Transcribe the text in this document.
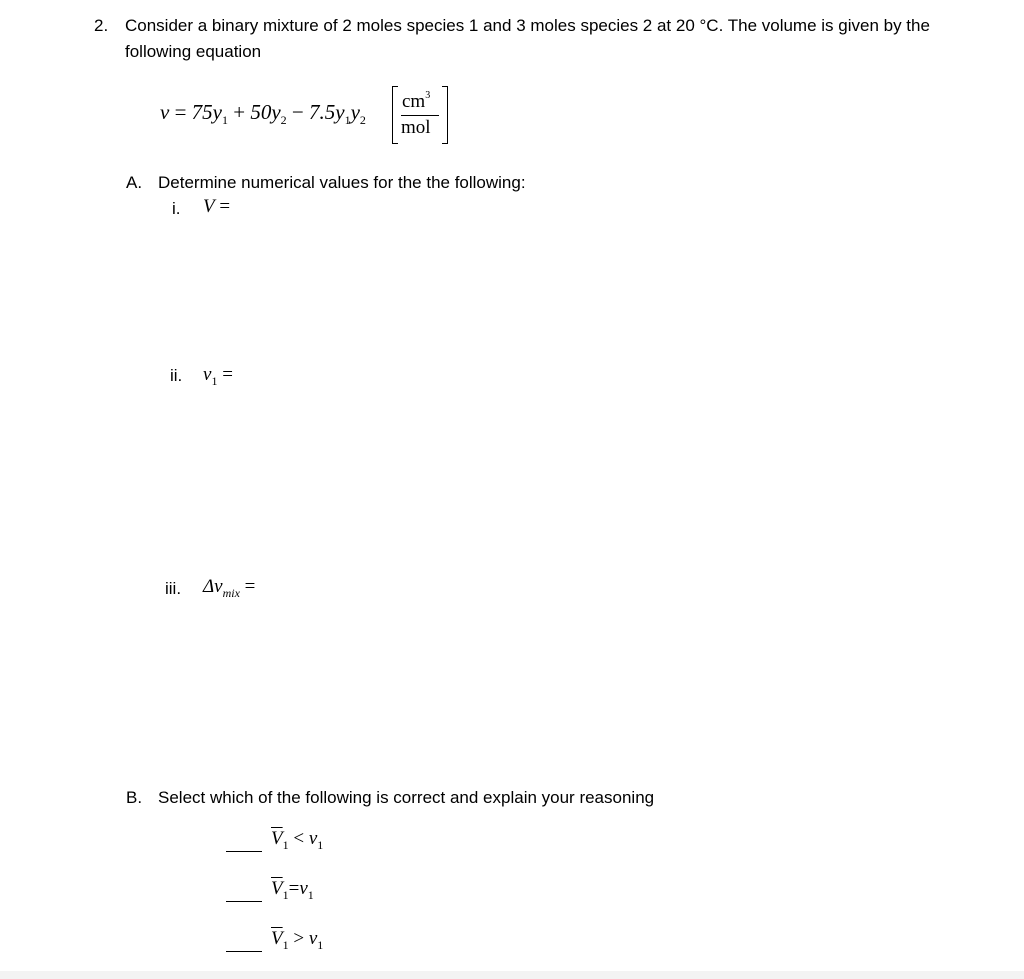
2. Consider a binary mixture of 2 moles species 1 and 3 moles species 2 at 20 °C. The volume is given by the
following equation
$v = 75y_1 + 50y_2 - 7.5y_1y_2$
$cm^3$
mol
A. Determine numerical values for the the following:
i. V =
ii. $v_1$ =
iii. $\Delta v_{mix}$ =
B. Select which of the following is correct and explain your reasoning
$\overline{V}_1 < v_1$
$\overline{V}_1=v_1$
$\overline{V}_1 > v_1$
